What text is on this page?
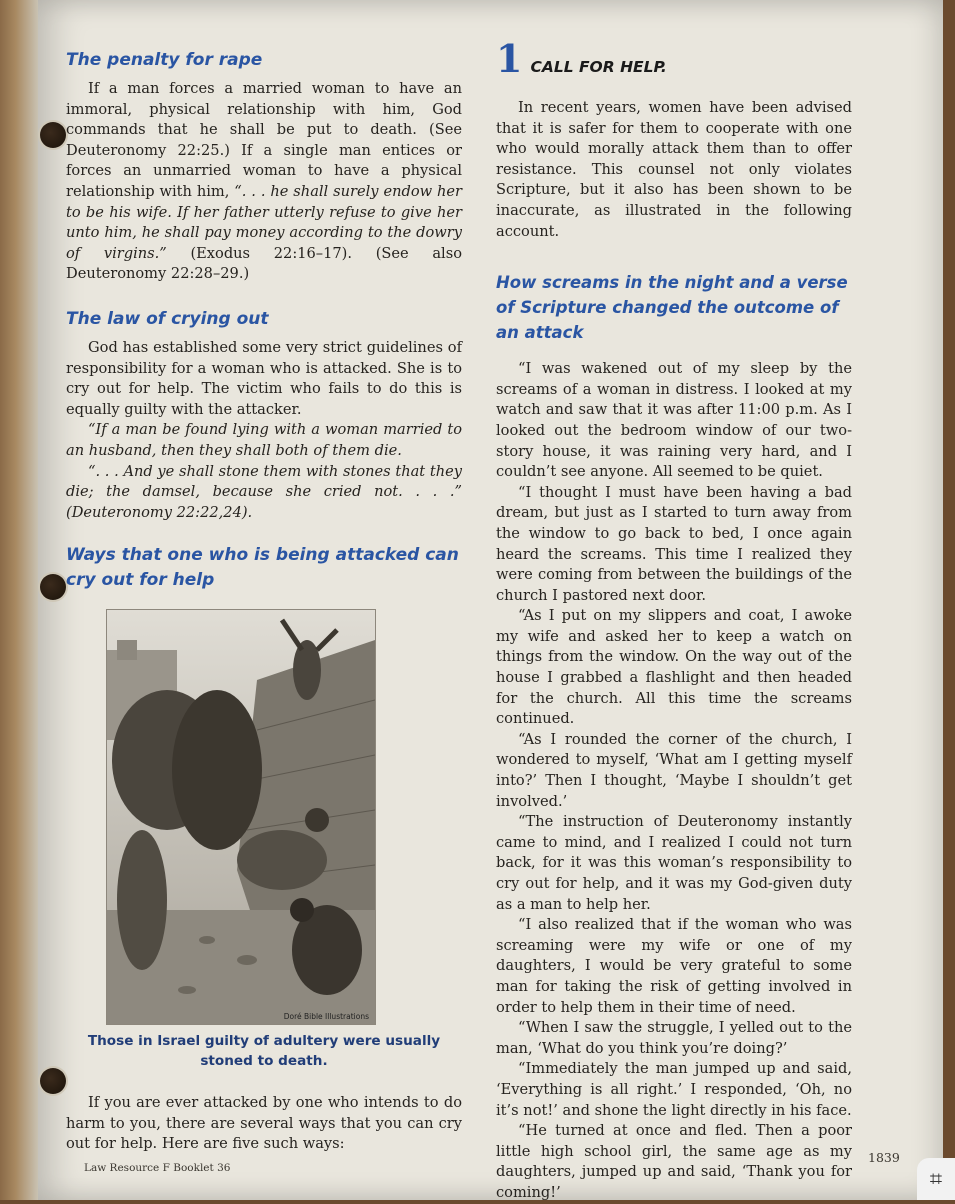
The penalty for rape

If a man forces a married woman to have an immoral, physical relationship with him, God commands that he shall be put to death. (See Deuteronomy 22:25.) If a single man entices or forces an unmarried woman to have a physical relationship with him, “. . . he shall surely endow her to be his wife. If her father utterly refuse to give her unto him, he shall pay money according to the dowry of virgins.” (Exodus 22:16–17). (See also Deuteronomy 22:28–29.)

The law of crying out

God has established some very strict guidelines of responsibility for a woman who is attacked. She is to cry out for help. The victim who fails to do this is equally guilty with the attacker.

“If a man be found lying with a woman married to an husband, then they shall both of them die.

“. . . And ye shall stone them with stones that they die; the damsel, because she cried not. . . .” (Deuteronomy 22:22,24).

Ways that one who is being attacked can cry out for help
Doré Bible Illustrations
Those in Israel guilty of adultery were usually stoned to death.

If you are ever attacked by one who intends to do harm to you, there are several ways that you can cry out for help. Here are five such ways:

1 CALL FOR HELP.

In recent years, women have been advised that it is safer for them to cooperate with one who would morally attack them than to offer resistance. This counsel not only violates Scripture, but it also has been shown to be inaccurate, as illustrated in the following account.

How screams in the night and a verse of Scripture changed the outcome of an attack

“I was wakened out of my sleep by the screams of a woman in distress. I looked at my watch and saw that it was after 11:00 p.m. As I looked out the bedroom window of our two-story house, it was raining very hard, and I couldn’t see anyone. All seemed to be quiet.

“I thought I must have been having a bad dream, but just as I started to turn away from the window to go back to bed, I once again heard the screams. This time I realized they were coming from between the buildings of the church I pastored next door.

“As I put on my slippers and coat, I awoke my wife and asked her to keep a watch on things from the window. On the way out of the house I grabbed a flashlight and then headed for the church. All this time the screams continued.

“As I rounded the corner of the church, I wondered to myself, ‘What am I getting myself into?’ Then I thought, ‘Maybe I shouldn’t get involved.’

“The instruction of Deuteronomy instantly came to mind, and I realized I could not turn back, for it was this woman’s responsibility to cry out for help, and it was my God-given duty as a man to help her.

“I also realized that if the woman who was screaming were my wife or one of my daughters, I would be very grateful to some man for taking the risk of getting involved in order to help them in their time of need.

“When I saw the struggle, I yelled out to the man, ‘What do you think you’re doing?’

“Immediately the man jumped up and said, ‘Everything is all right.’ I responded, ‘Oh, no it’s not!’ and shone the light directly in his face.

“He turned at once and fled. Then a poor little high school girl, the same age as my daughters, jumped up and said, ‘Thank you for coming!’

Law Resource F Booklet 36
1839
⌗
